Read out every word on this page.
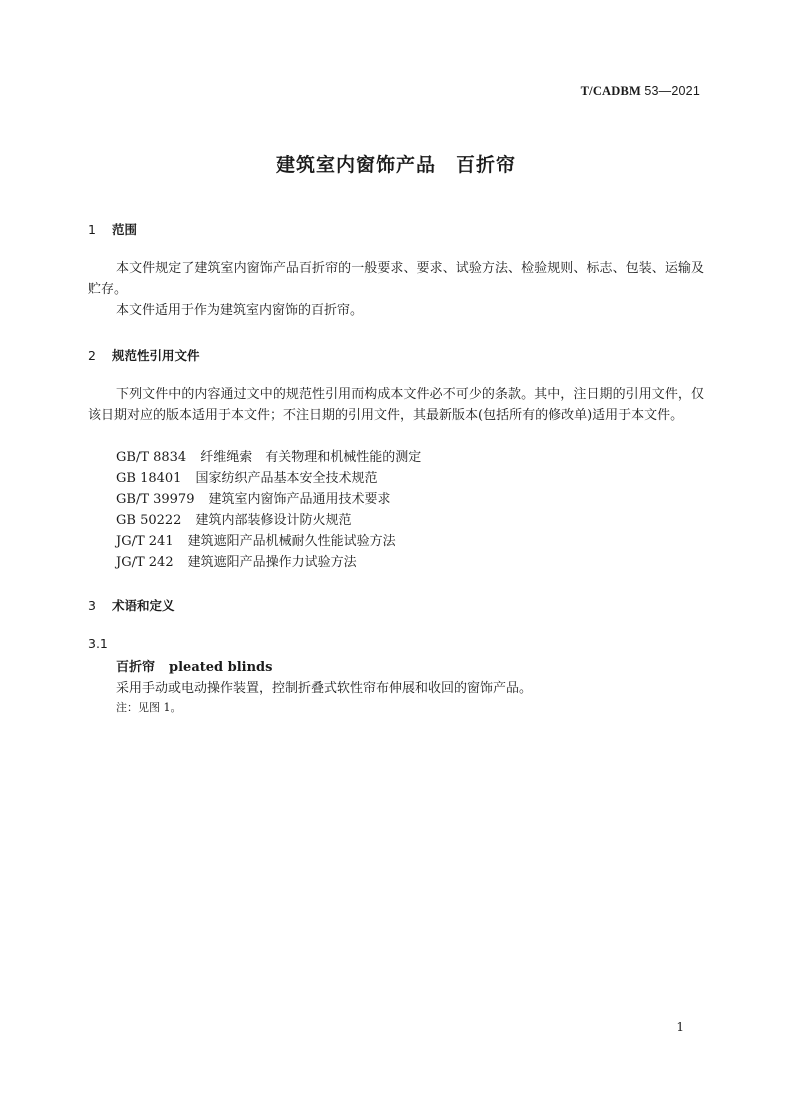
T/CADBM 53—2021
建筑室内窗饰产品　百折帘
1 范围

本文件规定了建筑室内窗饰产品百折帘的一般要求、要求、试验方法、检验规则、标志、包装、运输及贮存。

本文件适用于作为建筑室内窗饰的百折帘。

2 规范性引用文件

下列文件中的内容通过文中的规范性引用而构成本文件必不可少的条款。其中，注日期的引用文件，仅该日期对应的版本适用于本文件；不注日期的引用文件，其最新版本(包括所有的修改单)适用于本文件。

GB/T 8834 纤维绳索　有关物理和机械性能的测定
GB 18401 国家纺织产品基本安全技术规范
GB/T 39979 建筑室内窗饰产品通用技术要求
GB 50222 建筑内部装修设计防火规范
JG/T 241 建筑遮阳产品机械耐久性能试验方法
JG/T 242 建筑遮阳产品操作力试验方法
3 术语和定义
3.1
百折帘 pleated blinds
采用手动或电动操作装置，控制折叠式软性帘布伸展和收回的窗饰产品。
注：见图 1。
1
